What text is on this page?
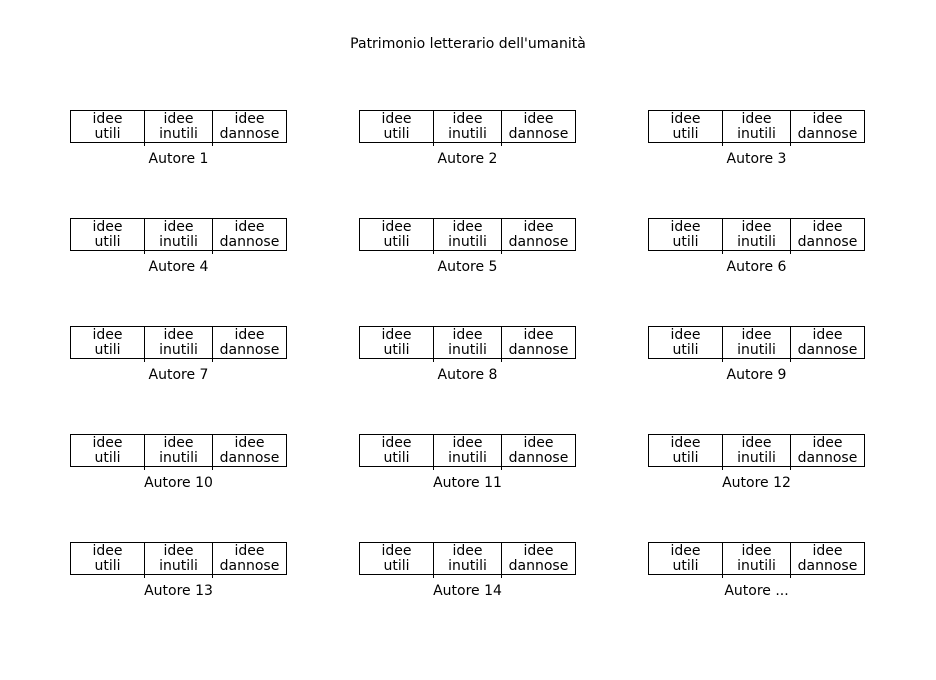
Patrimonio letterario dell'umanità
idee
utili
idee
inutili
idee
dannose
Autore 1
idee
utili
idee
inutili
idee
dannose
Autore 2
idee
utili
idee
inutili
idee
dannose
Autore 3
idee
utili
idee
inutili
idee
dannose
Autore 4
idee
utili
idee
inutili
idee
dannose
Autore 5
idee
utili
idee
inutili
idee
dannose
Autore 6
idee
utili
idee
inutili
idee
dannose
Autore 7
idee
utili
idee
inutili
idee
dannose
Autore 8
idee
utili
idee
inutili
idee
dannose
Autore 9
idee
utili
idee
inutili
idee
dannose
Autore 10
idee
utili
idee
inutili
idee
dannose
Autore 11
idee
utili
idee
inutili
idee
dannose
Autore 12
idee
utili
idee
inutili
idee
dannose
Autore 13
idee
utili
idee
inutili
idee
dannose
Autore 14
idee
utili
idee
inutili
idee
dannose
Autore ...
